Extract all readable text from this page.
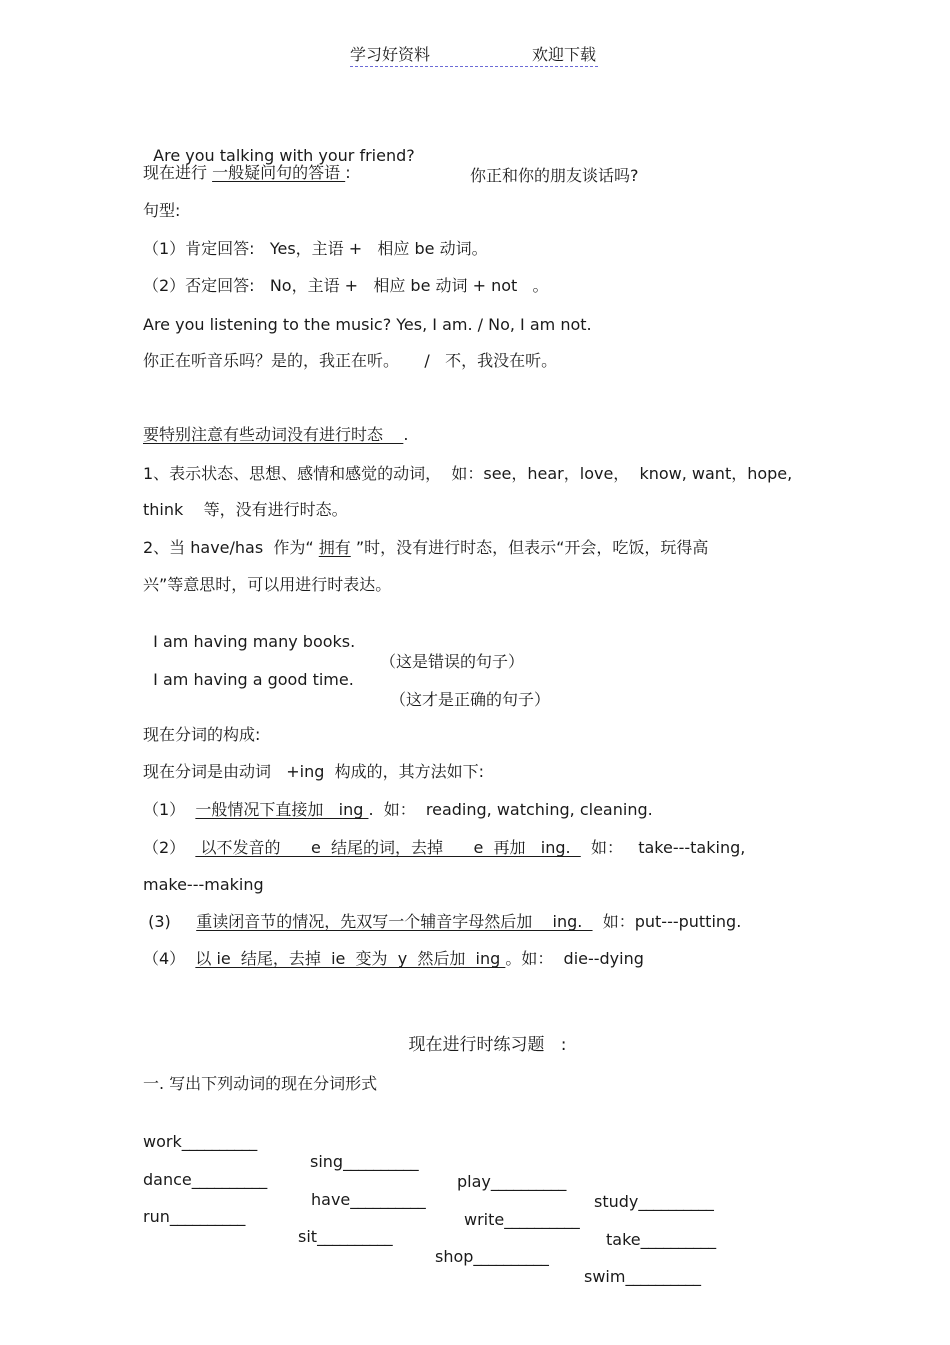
学习好资料	欢迎下载

Are you talking with your friend?

你正和你的朋友谈话吗?

现在进行 一般疑问句的答语 :
句型:
（1）肯定回答:   Yes，主语 +   相应 be 动词。
（2）否定回答:   No，主语 +   相应 be 动词 + not   。
Are you listening to the music? Yes, I am. / No, I am not.
你正在听音乐吗？是的，我正在听。     /   不，我没在听。
要特别注意有些动词没有进行时态    .
1、表示状态、思想、感情和感觉的动词，  如：see，hear，love，  know, want，hope,
think    等，没有进行时态。
2、当 have/has  作为“ 拥有 ”时，没有进行时态，但表示“开会，吃饭，玩得高
兴”等意思时，可以用进行时表达。

I am having many books.

（这是错误的句子）

I am having a good time.

（这才是正确的句子）

现在分词的构成:
现在分词是由动词   +ing  构成的，其方法如下:
（1）  一般情况下直接加   ing .  如：  reading, watching, cleaning.
（2）   以不发音的      e  结尾的词，去掉      e  再加   ing.    如：   take---taking,
make---making
(3)     重读闭音节的情况，先双写一个辅音字母然后加    ing.    如：put---putting.
（4）  以 ie  结尾，去掉  ie  变为  y  然后加  ing 。如：  die--dying
现在进行时练习题   :
一. 写出下列动词的现在分词形式

work__________

sing__________

play__________

study__________

dance__________

have__________

write__________

take__________

run__________

sit__________

shop__________

swim__________
